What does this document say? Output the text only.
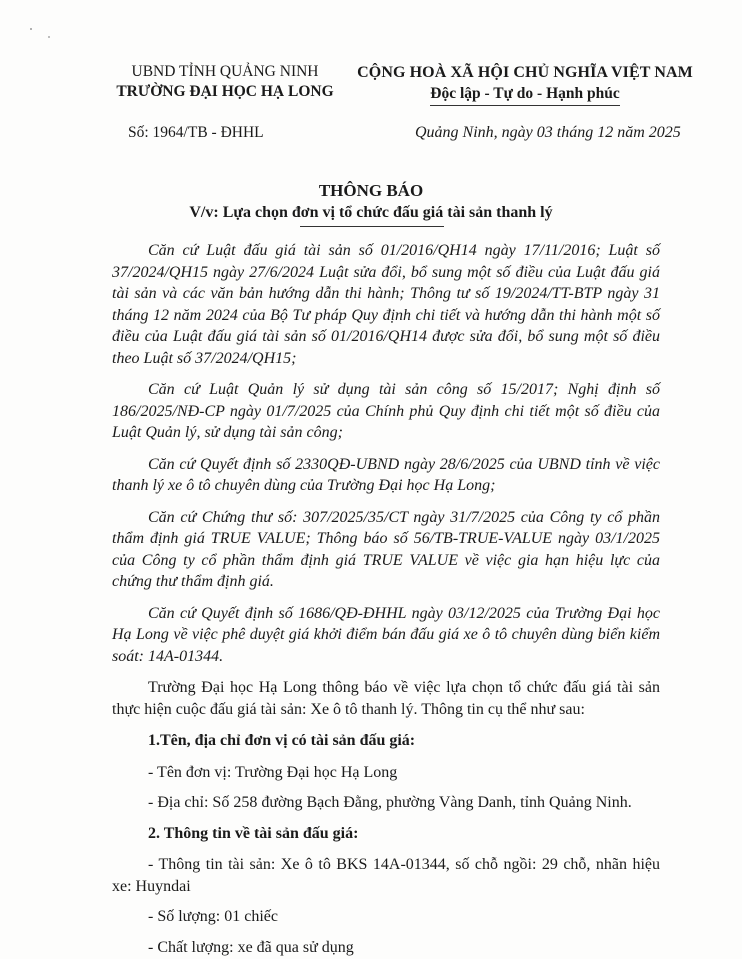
UBND TỈNH QUẢNG NINH
TRƯỜNG ĐẠI HỌC HẠ LONG
CỘNG HOÀ XÃ HỘI CHỦ NGHĨA VIỆT NAM
Độc lập - Tự do - Hạnh phúc
Số: 1964/TB - ĐHHL	Quảng Ninh, ngày 03 tháng 12 năm 2025
THÔNG BÁO
V/v: Lựa chọn đơn vị tổ chức đấu giá tài sản thanh lý

Căn cứ Luật đấu giá tài sản số 01/2016/QH14 ngày 17/11/2016; Luật số 37/2024/QH15 ngày 27/6/2024 Luật sửa đổi, bổ sung một số điều của Luật đấu giá tài sản và các văn bản hướng dẫn thi hành; Thông tư số 19/2024/TT-BTP ngày 31 tháng 12 năm 2024 của Bộ Tư pháp Quy định chi tiết và hướng dẫn thi hành một số điều của Luật đấu giá tài sản số 01/2016/QH14 được sửa đổi, bổ sung một số điều theo Luật số 37/2024/QH15;

Căn cứ Luật Quản lý sử dụng tài sản công số 15/2017; Nghị định số 186/2025/NĐ-CP ngày 01/7/2025 của Chính phủ Quy định chi tiết một số điều của Luật Quản lý, sử dụng tài sản công;

Căn cứ Quyết định số 2330QĐ-UBND ngày 28/6/2025 của UBND tỉnh về việc thanh lý xe ô tô chuyên dùng của Trường Đại học Hạ Long;

Căn cứ Chứng thư số: 307/2025/35/CT ngày 31/7/2025 của Công ty cổ phần thẩm định giá TRUE VALUE; Thông báo số 56/TB-TRUE-VALUE ngày 03/1/2025 của Công ty cổ phần thẩm định giá TRUE VALUE về việc gia hạn hiệu lực của chứng thư thẩm định giá.

Căn cứ Quyết định số 1686/QĐ-ĐHHL ngày 03/12/2025 của Trường Đại học Hạ Long về việc phê duyệt giá khởi điểm bán đấu giá xe ô tô chuyên dùng biển kiểm soát: 14A-01344.

Trường Đại học Hạ Long thông báo về việc lựa chọn tổ chức đấu giá tài sản thực hiện cuộc đấu giá tài sản: Xe ô tô thanh lý. Thông tin cụ thể như sau:

1.Tên, địa chỉ đơn vị có tài sản đấu giá:

- Tên đơn vị: Trường Đại học Hạ Long

- Địa chỉ: Số 258 đường Bạch Đằng, phường Vàng Danh, tỉnh Quảng Ninh.

2. Thông tin về tài sản đấu giá:

- Thông tin tài sản: Xe ô tô BKS 14A-01344, số chỗ ngồi: 29 chỗ, nhãn hiệu xe: Huyndai

- Số lượng: 01 chiếc

- Chất lượng: xe đã qua sử dụng
